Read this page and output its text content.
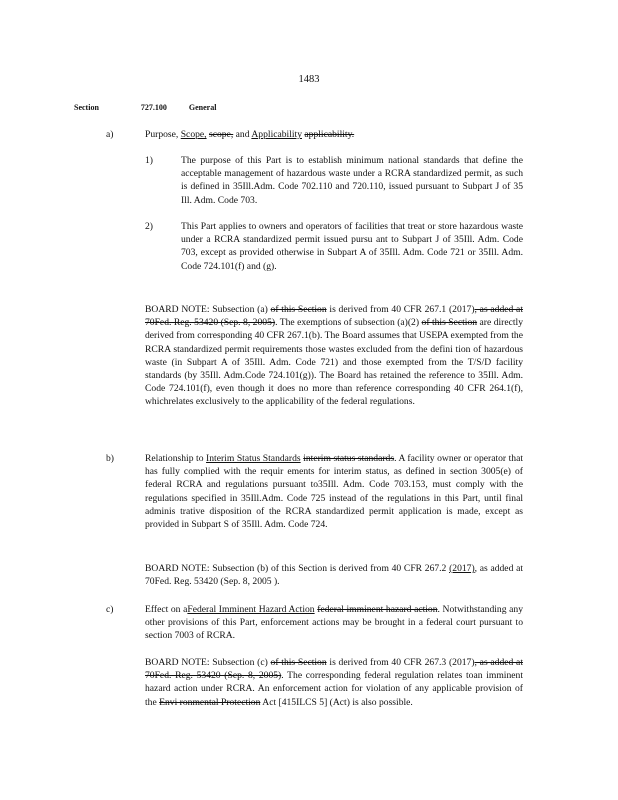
1483
Section	727.100	General
a)	Purpose, Scope, scope, and Applicability applicability.
1)	The purpose of this Part is to establish minimum national standards that define the acceptable management of hazardous waste under a RCRA standardized permit, as such is defined in 35Ill.Adm. Code 702.110 and 720.110, issued pursuant to Subpart J of 35 Ill. Adm. Code 703.
2)	This Part applies to owners and operators of facilities that treat or store hazardous waste under a RCRA standardized permit issued pursu ant to Subpart J of 35Ill. Adm. Code 703, except as provided otherwise in Subpart A of 35Ill. Adm. Code 721 or 35Ill. Adm. Code 724.101(f) and (g).
BOARD NOTE: Subsection (a) of this Section is derived from 40 CFR 267.1 (2017), as added at 70Fed. Reg. 53420 (Sep. 8, 2005). The exemptions of subsection (a)(2) of this Section are directly derived from corresponding 40 CFR 267.1(b). The Board assumes that USEPA exempted from the RCRA standardized permit requirements those wastes excluded from the defini tion of hazardous waste (in Subpart A of 35Ill. Adm. Code 721) and those exempted from the T/S/D facility standards (by 35Ill. Adm.Code 724.101(g)). The Board has retained the reference to 35Ill. Adm. Code 724.101(f), even though it does no more than reference corresponding 40 CFR 264.1(f), whichrelates exclusively to the applicability of the federal regulations.
b)	Relationship to Interim Status Standards interim status standards. A facility owner or operator that has fully complied with the requir ements for interim status, as defined in section 3005(e) of federal RCRA and regulations pursuant to35Ill. Adm. Code 703.153, must comply with the regulations specified in 35Ill.Adm. Code 725 instead of the regulations in this Part, until final adminis trative disposition of the RCRA standardized permit application is made, except as provided in Subpart S of 35Ill. Adm. Code 724.
BOARD NOTE: Subsection (b) of this Section is derived from 40 CFR 267.2 (2017), as added at 70Fed. Reg. 53420 (Sep. 8, 2005 ).
c)	Effect on aFederal Imminent Hazard Action federal imminent hazard action. Notwithstanding any other provisions of this Part, enforcement actions may be brought in a federal court pursuant to section 7003 of RCRA.
BOARD NOTE: Subsection (c) of this Section is derived from 40 CFR 267.3 (2017), as added at 70Fed. Reg. 53420 (Sep. 8, 2005). The corresponding federal regulation relates toan imminent hazard action under RCRA. An enforcement action for violation of any applicable provision of the Envi ronmental Protection Act [415ILCS 5] (Act) is also possible.
